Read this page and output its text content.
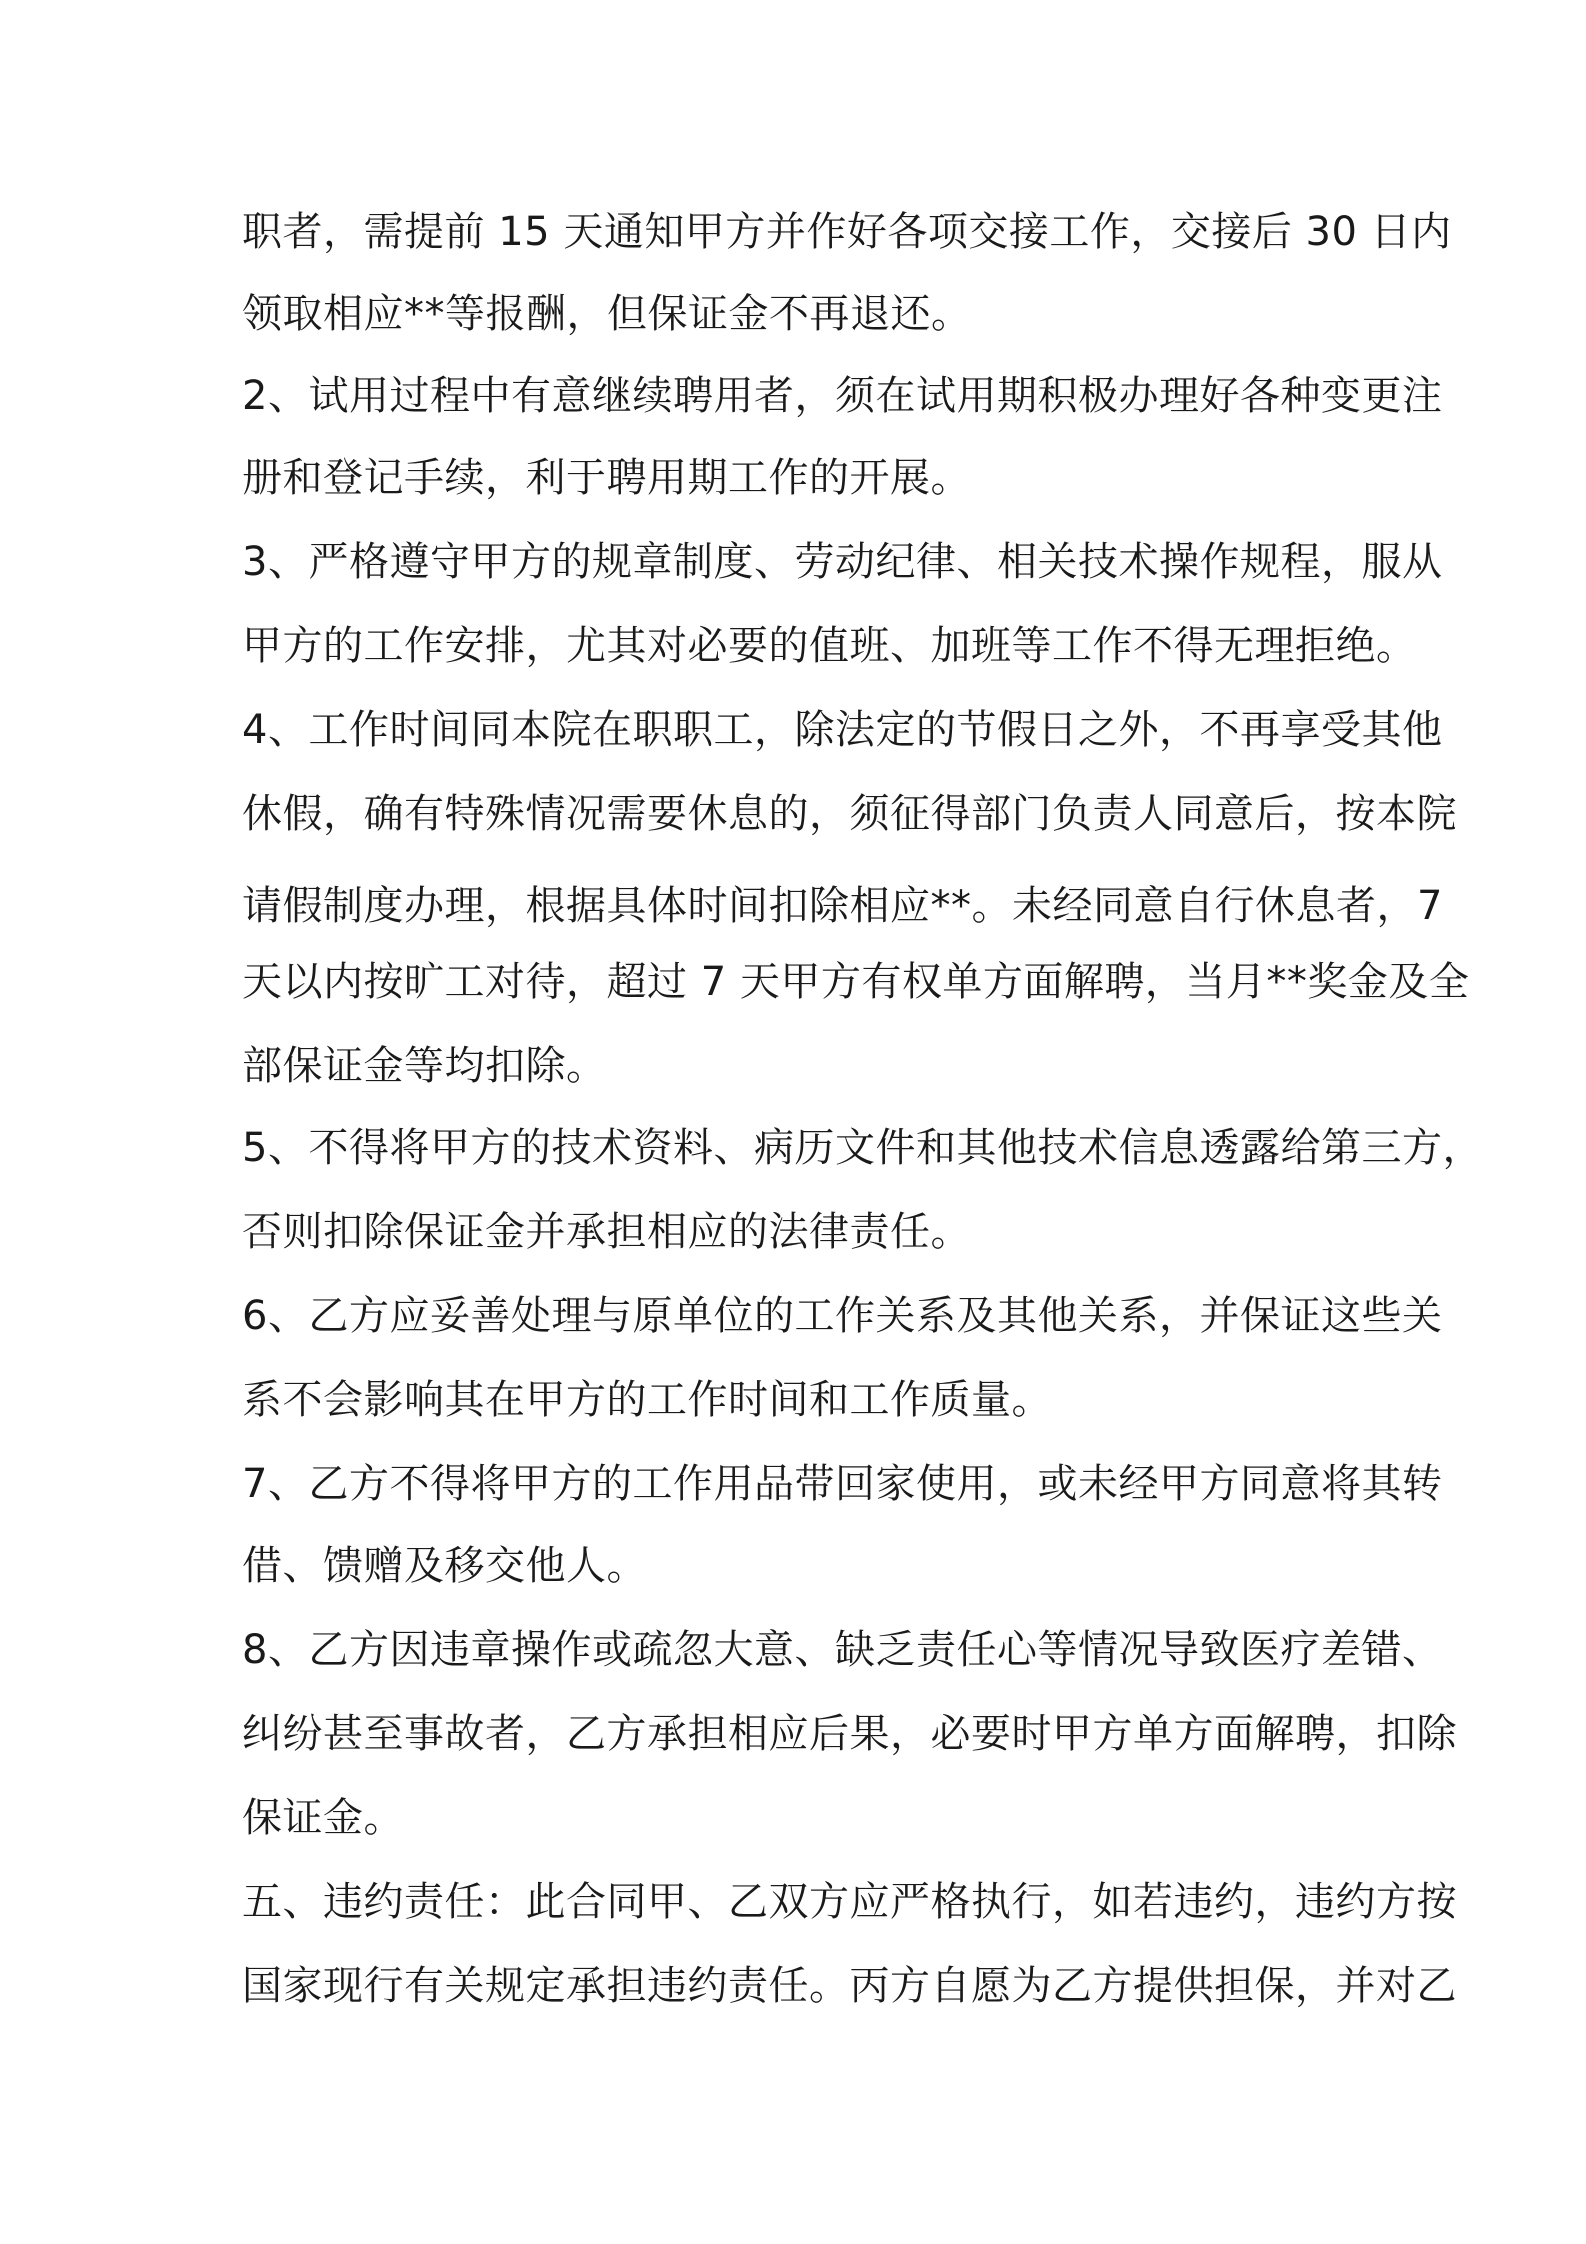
职者，需提前 15 天通知甲方并作好各项交接工作，交接后 30 日内
领取相应**等报酬，但保证金不再退还。
2、试用过程中有意继续聘用者，须在试用期积极办理好各种变更注
册和登记手续，利于聘用期工作的开展。
3、严格遵守甲方的规章制度、劳动纪律、相关技术操作规程，服从
甲方的工作安排，尤其对必要的值班、加班等工作不得无理拒绝。
4、工作时间同本院在职职工，除法定的节假日之外，不再享受其他
休假，确有特殊情况需要休息的，须征得部门负责人同意后，按本院
请假制度办理，根据具体时间扣除相应**。未经同意自行休息者，7
天以内按旷工对待，超过 7 天甲方有权单方面解聘，当月**奖金及全
部保证金等均扣除。
5、不得将甲方的技术资料、病历文件和其他技术信息透露给第三方，
否则扣除保证金并承担相应的法律责任。
6、乙方应妥善处理与原单位的工作关系及其他关系，并保证这些关
系不会影响其在甲方的工作时间和工作质量。
7、乙方不得将甲方的工作用品带回家使用，或未经甲方同意将其转
借、馈赠及移交他人。
8、乙方因违章操作或疏忽大意、缺乏责任心等情况导致医疗差错、
纠纷甚至事故者，乙方承担相应后果，必要时甲方单方面解聘，扣除
保证金。
五、违约责任：此合同甲、乙双方应严格执行，如若违约，违约方按
国家现行有关规定承担违约责任。丙方自愿为乙方提供担保，并对乙
